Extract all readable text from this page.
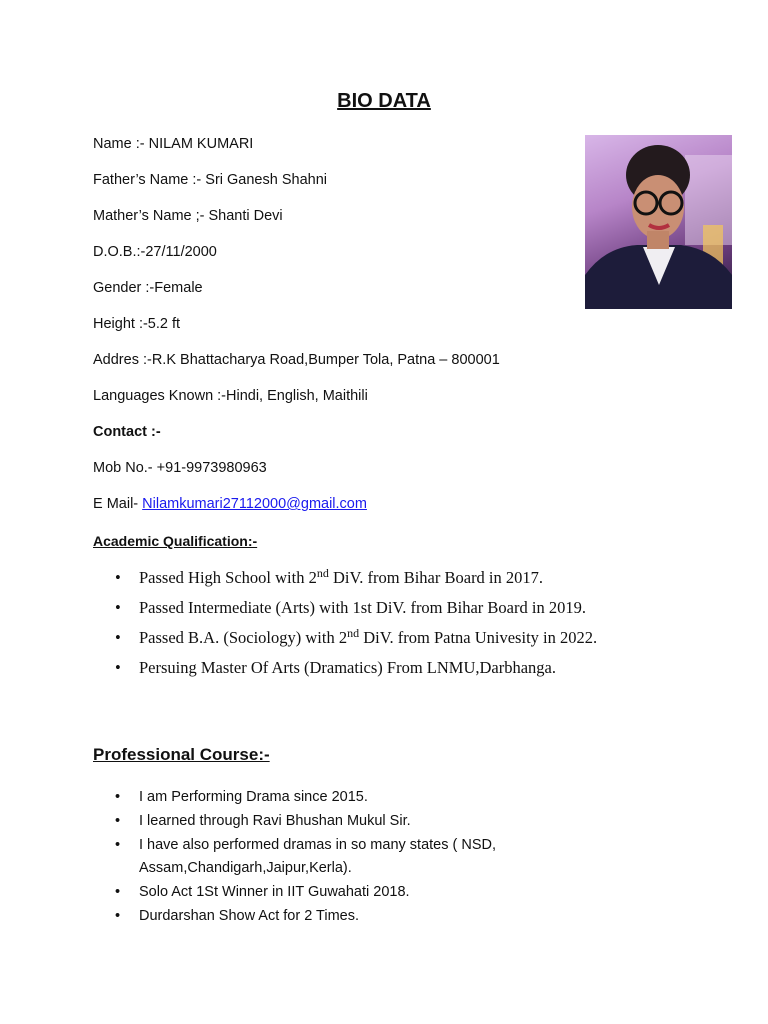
BIO DATA
Name :- NILAM KUMARI
Father’s Name :- Sri Ganesh Shahni
Mather’s Name ;- Shanti Devi
D.O.B.:-27/11/2000
Gender :-Female
Height :-5.2 ft
Addres :-R.K Bhattacharya Road,Bumper Tola, Patna – 800001
Languages Known :-Hindi, English, Maithili
Contact :-
Mob No.- +91-9973980963
E Mail- Nilamkumari27112000@gmail.com
Academic Qualification:-
• Passed High School with 2nd DiV. from Bihar Board in 2017.
• Passed Intermediate (Arts) with 1st DiV. from Bihar Board in 2019.
• Passed B.A. (Sociology) with 2nd DiV. from Patna Univesity in 2022.
• Persuing Master Of Arts (Dramatics) From LNMU,Darbhanga.
Professional Course:-
• I am Performing Drama since 2015.
• I learned through Ravi Bhushan Mukul Sir.
• I have also performed dramas in so many states ( NSD, Assam,Chandigarh,Jaipur,Kerla).
• Solo Act 1St Winner in IIT Guwahati 2018.
• Durdarshan Show Act for 2 Times.
